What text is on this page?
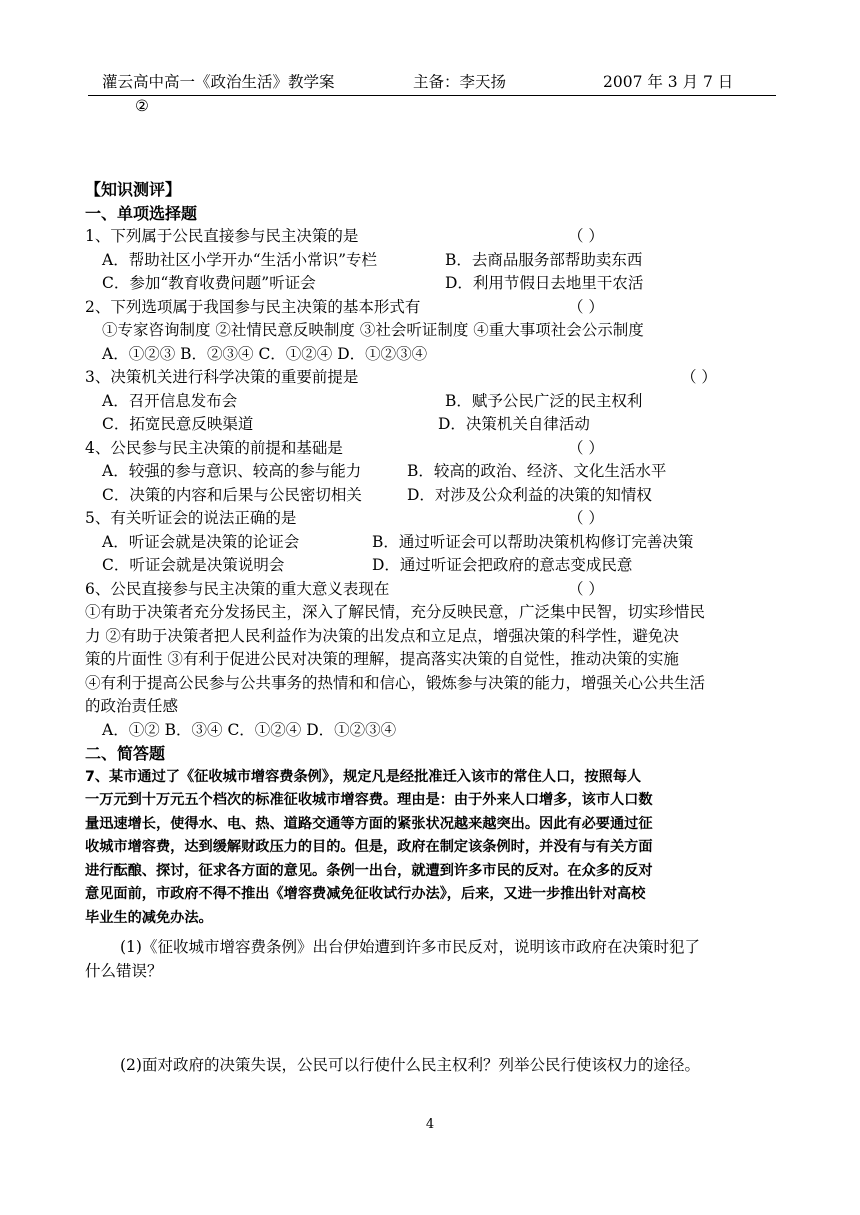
灌云高中高一《政治生活》教学案	主备：李天扬	2007 年 3 月 7 日
②
【知识测评】
一、单项选择题
1、下列属于公民直接参与民主决策的是	（ ）
A．帮助社区小学开办“生活小常识”专栏	B．去商品服务部帮助卖东西
C．参加“教育收费问题”听证会	D．利用节假日去地里干农活
2、下列选项属于我国参与民主决策的基本形式有	（ ）
①专家咨询制度 ②社情民意反映制度 ③社会听证制度 ④重大事项社会公示制度
A．①②③ B．②③④ C．①②④ D．①②③④
3、决策机关进行科学决策的重要前提是	（ ）
A．召开信息发布会	B．赋予公民广泛的民主权利
C．拓宽民意反映渠道	D．决策机关自律活动
4、公民参与民主决策的前提和基础是	（ ）
A．较强的参与意识、较高的参与能力	B．较高的政治、经济、文化生活水平
C．决策的内容和后果与公民密切相关	D．对涉及公众利益的决策的知情权
5、有关听证会的说法正确的是	（ ）
A．听证会就是决策的论证会	B．通过听证会可以帮助决策机构修订完善决策
C．听证会就是决策说明会	D．通过听证会把政府的意志变成民意
6、公民直接参与民主决策的重大意义表现在	（ ）
①有助于决策者充分发扬民主，深入了解民情，充分反映民意，广泛集中民智，切实珍惜民
力 ②有助于决策者把人民利益作为决策的出发点和立足点，增强决策的科学性，避免决
策的片面性 ③有利于促进公民对决策的理解，提高落实决策的自觉性，推动决策的实施
④有利于提高公民参与公共事务的热情和和信心，锻炼参与决策的能力，增强关心公共生活
的政治责任感
A．①② B．③④ C．①②④ D．①②③④
二、简答题
7、某市通过了《征收城市增容费条例》，规定凡是经批准迁入该市的常住人口，按照每人
一万元到十万元五个档次的标准征收城市增容费。理由是：由于外来人口增多，该市人口数
量迅速增长，使得水、电、热、道路交通等方面的紧张状况越来越突出。因此有必要通过征
收城市增容费，达到缓解财政压力的目的。但是，政府在制定该条例时，并没有与有关方面
进行酝酿、探讨，征求各方面的意见。条例一出台，就遭到许多市民的反对。在众多的反对
意见面前，市政府不得不推出《增容费减免征收试行办法》，后来，又进一步推出针对高校
毕业生的减免办法。
(1)《征收城市增容费条例》出台伊始遭到许多市民反对，说明该市政府在决策时犯了
什么错误？
(2)面对政府的决策失误，公民可以行使什么民主权利？列举公民行使该权力的途径。
4
